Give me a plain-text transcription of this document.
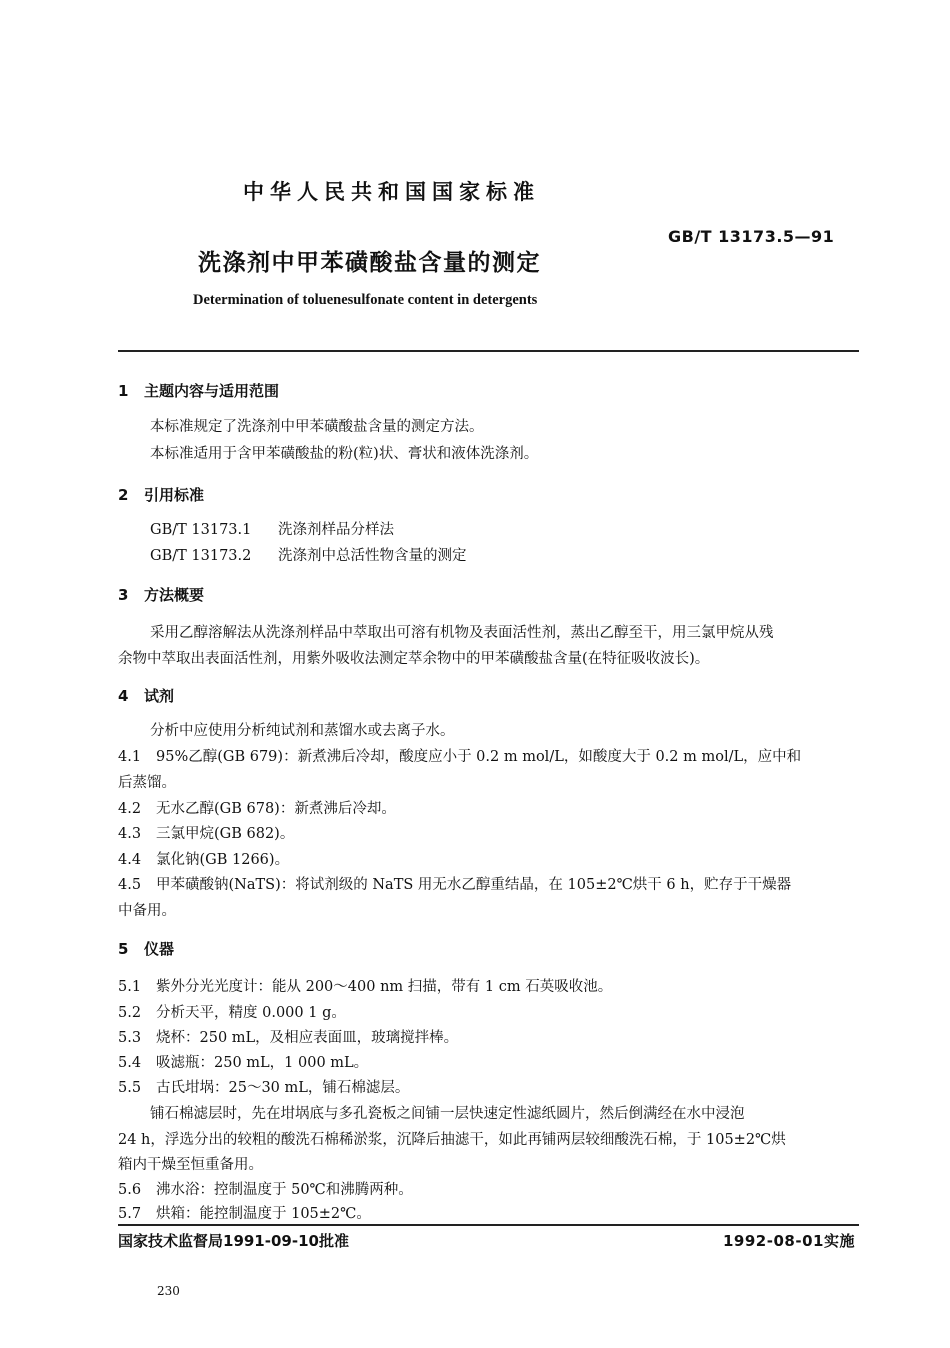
中华人民共和国国家标准
GB/T 13173.5—91
洗涤剂中甲苯磺酸盐含量的测定
Determination of toluenesulfonate content in detergents
1 主题内容与适用范围
本标准规定了洗涤剂中甲苯磺酸盐含量的测定方法。
本标准适用于含甲苯磺酸盐的粉(粒)状、膏状和液体洗涤剂。
2 引用标准
GB/T 13173.1 洗涤剂样品分样法
GB/T 13173.2 洗涤剂中总活性物含量的测定
3 方法概要
采用乙醇溶解法从洗涤剂样品中萃取出可溶有机物及表面活性剂，蒸出乙醇至干，用三氯甲烷从残
余物中萃取出表面活性剂，用紫外吸收法测定萃余物中的甲苯磺酸盐含量(在特征吸收波长)。
4 试剂
分析中应使用分析纯试剂和蒸馏水或去离子水。
4.1 95%乙醇(GB 679)：新煮沸后冷却，酸度应小于 0.2 m mol/L，如酸度大于 0.2 m mol/L，应中和
后蒸馏。
4.2 无水乙醇(GB 678)：新煮沸后冷却。
4.3 三氯甲烷(GB 682)。
4.4 氯化钠(GB 1266)。
4.5 甲苯磺酸钠(NaTS)：将试剂级的 NaTS 用无水乙醇重结晶，在 105±2℃烘干 6 h，贮存于干燥器
中备用。
5 仪器
5.1 紫外分光光度计：能从 200～400 nm 扫描，带有 1 cm 石英吸收池。
5.2 分析天平，精度 0.000 1 g。
5.3 烧杯：250 mL，及相应表面皿，玻璃搅拌棒。
5.4 吸滤瓶：250 mL，1 000 mL。
5.5 古氏坩埚：25～30 mL，铺石棉滤层。
铺石棉滤层时，先在坩埚底与多孔瓷板之间铺一层快速定性滤纸圆片，然后倒满经在水中浸泡
24 h，浮选分出的较粗的酸洗石棉稀淤浆，沉降后抽滤干，如此再铺两层较细酸洗石棉，于 105±2℃烘
箱内干燥至恒重备用。
5.6 沸水浴：控制温度于 50℃和沸腾两种。
5.7 烘箱：能控制温度于 105±2℃。
国家技术监督局1991-09-10批准	1992-08-01实施
230
